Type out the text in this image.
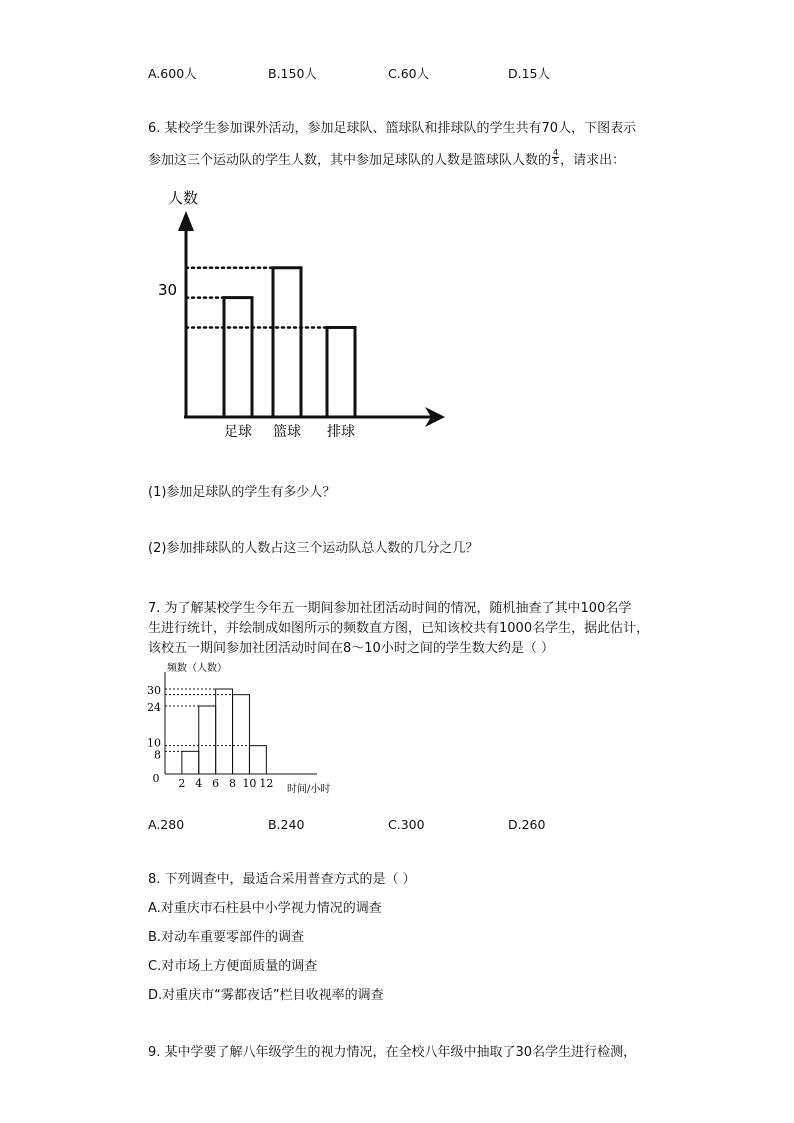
A.600人	B.150人	C.60人	D.15人
6. 某校学生参加课外活动，参加足球队、篮球队和排球队的学生共有70人，下图表示
参加这三个运动队的学生人数，其中参加足球队的人数是篮球队人数的 $\frac{4}{5}$ ，请求出：
人数
30
足球 篮球 排球
(1)参加足球队的学生有多少人？
(2)参加排球队的人数占这三个运动队总人数的几分之几？
7. 为了解某校学生今年五一期间参加社团活动时间的情况，随机抽查了其中100名学
生进行统计，并绘制成如图所示的频数直方图，已知该校共有1000名学生，据此估计，
该校五一期间参加社团活动时间在8～10小时之间的学生数大约是（ ）
频数（人数）
时间/小时
0 2 4 6 8 10 12
8
10
24
30
A.280	B.240	C.300	D.260
8. 下列调查中，最适合采用普查方式的是（ ）
A.对重庆市石柱县中小学视力情况的调查
B.对动车重要零部件的调查
C.对市场上方便面质量的调查
D.对重庆市“雾都夜话”栏目收视率的调查
9. 某中学要了解八年级学生的视力情况，在全校八年级中抽取了30名学生进行检测，
